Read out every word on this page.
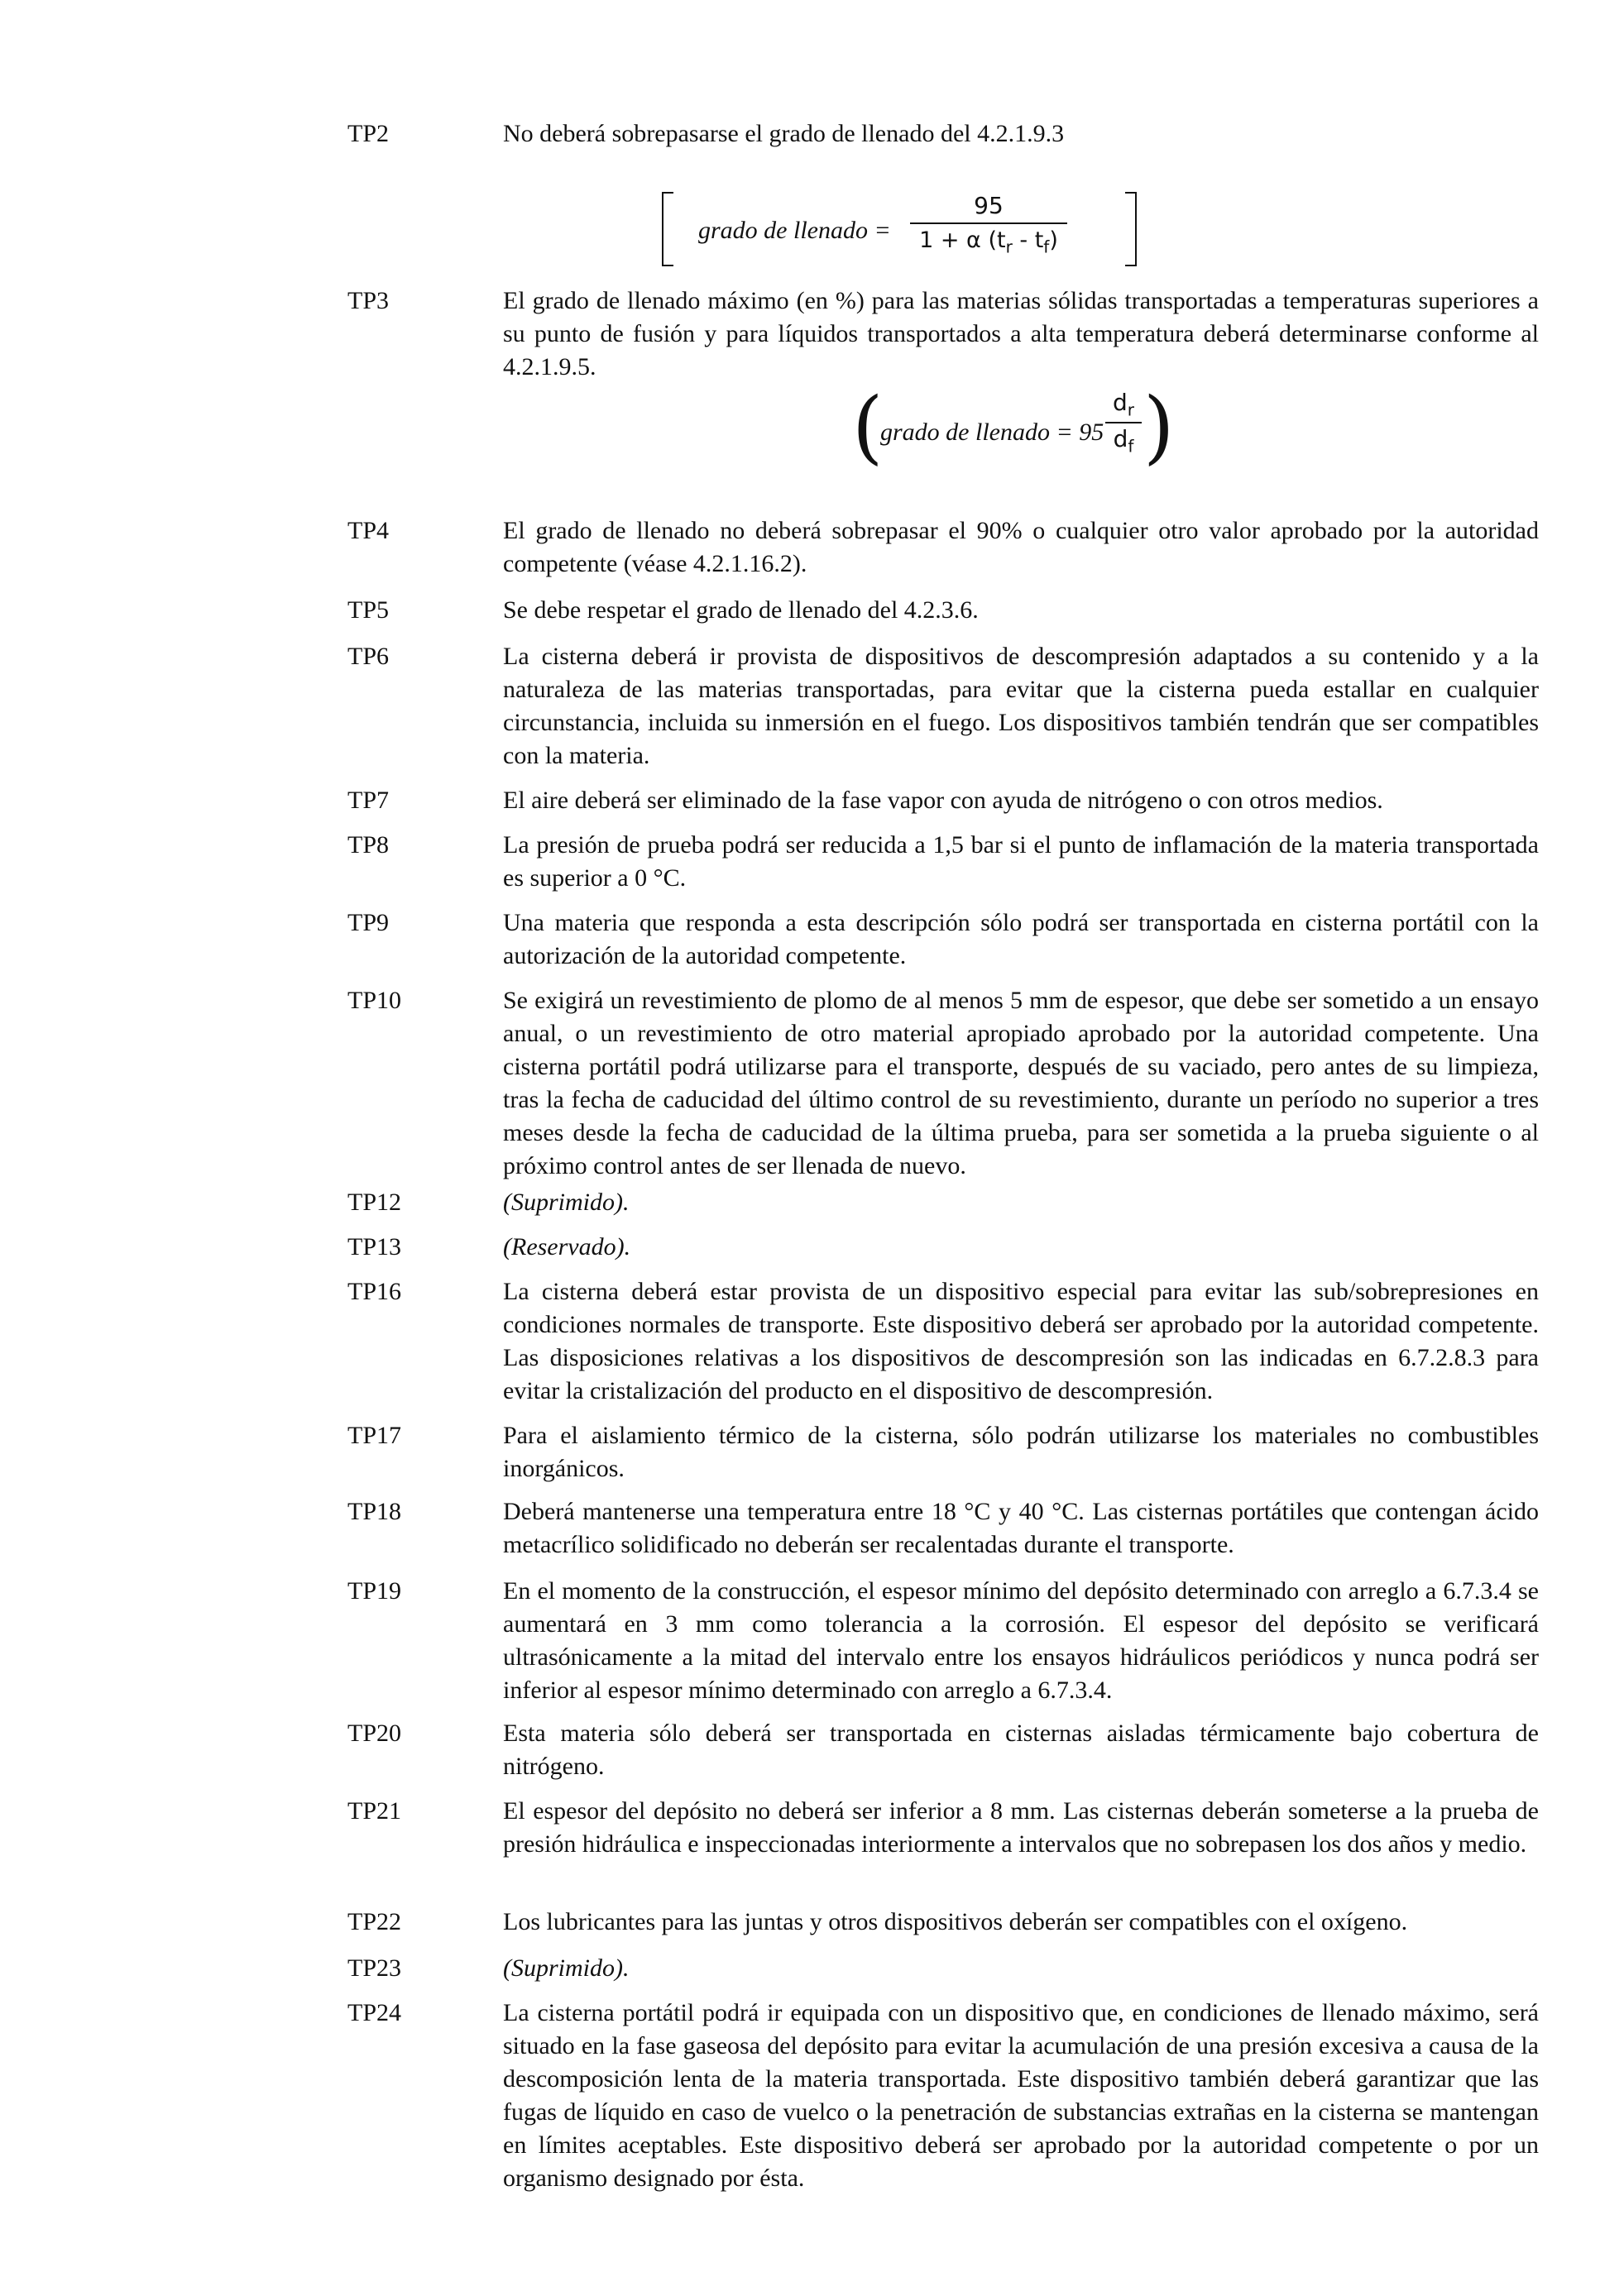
TP2	No deberá sobrepasarse el grado de llenado del 4.2.1.9.3
grado de llenado = $\frac{95}{1 + \alpha (t_r - t_f)}$
TP3	El grado de llenado máximo (en %) para las materias sólidas transportadas a temperaturas superiores a su punto de fusión y para líquidos transportados a alta temperatura deberá determinarse conforme al 4.2.1.9.5.
(
grado de llenado = $95 \frac{d_r}{d_f}$ )
TP4	El grado de llenado no deberá sobrepasar el 90% o cualquier otro valor aprobado por la autoridad competente (véase 4.2.1.16.2).
TP5	Se debe respetar el grado de llenado del 4.2.3.6.
TP6	La cisterna deberá ir provista de dispositivos de descompresión adaptados a su contenido y a la naturaleza de las materias transportadas, para evitar que la cisterna pueda estallar en cualquier circunstancia, incluida su inmersión en el fuego. Los dispositivos también tendrán que ser compatibles con la materia.
TP7	El aire deberá ser eliminado de la fase vapor con ayuda de nitrógeno o con otros medios.
TP8	La presión de prueba podrá ser reducida a 1,5 bar si el punto de inflamación de la materia transportada es superior a 0 °C.
TP9	Una materia que responda a esta descripción sólo podrá ser transportada en cisterna portátil con la autorización de la autoridad competente.
TP10	Se exigirá un revestimiento de plomo de al menos 5 mm de espesor, que debe ser sometido a un ensayo anual, o un revestimiento de otro material apropiado aprobado por la autoridad competente. Una cisterna portátil podrá utilizarse para el transporte, después de su vaciado, pero antes de su limpieza, tras la fecha de caducidad del último control de su revestimiento, durante un período no superior a tres meses desde la fecha de caducidad de la última prueba, para ser sometida a la prueba siguiente o al próximo control antes de ser llenada de nuevo.
TP12	(Suprimido).
TP13	(Reservado).
TP16	La cisterna deberá estar provista de un dispositivo especial para evitar las sub/sobrepresiones en condiciones normales de transporte. Este dispositivo deberá ser aprobado por la autoridad competente. Las disposiciones relativas a los dispositivos de descompresión son las indicadas en 6.7.2.8.3 para evitar la cristalización del producto en el dispositivo de descompresión.
TP17	Para el aislamiento térmico de la cisterna, sólo podrán utilizarse los materiales no combustibles inorgánicos.
TP18	Deberá mantenerse una temperatura entre 18 °C y 40 °C. Las cisternas portátiles que contengan ácido metacrílico solidificado no deberán ser recalentadas durante el transporte.
TP19	En el momento de la construcción, el espesor mínimo del depósito determinado con arreglo a 6.7.3.4 se aumentará en 3 mm como tolerancia a la corrosión. El espesor del depósito se verificará ultrasónicamente a la mitad del intervalo entre los ensayos hidráulicos periódicos y nunca podrá ser inferior al espesor mínimo determinado con arreglo a 6.7.3.4.
TP20	Esta materia sólo deberá ser transportada en cisternas aisladas térmicamente bajo cobertura de nitrógeno.
TP21	El espesor del depósito no deberá ser inferior a 8 mm. Las cisternas deberán someterse a la prueba de presión hidráulica e inspeccionadas interiormente a intervalos que no sobrepasen los dos años y medio.
TP22	Los lubricantes para las juntas y otros dispositivos deberán ser compatibles con el oxígeno.
TP23	(Suprimido).
TP24	La cisterna portátil podrá ir equipada con un dispositivo que, en condiciones de llenado máximo, será situado en la fase gaseosa del depósito para evitar la acumulación de una presión excesiva a causa de la descomposición lenta de la materia transportada. Este dispositivo también deberá garantizar que las fugas de líquido en caso de vuelco o la penetración de substancias extrañas en la cisterna se mantengan en límites aceptables. Este dispositivo deberá ser aprobado por la autoridad competente o por un organismo designado por ésta.
